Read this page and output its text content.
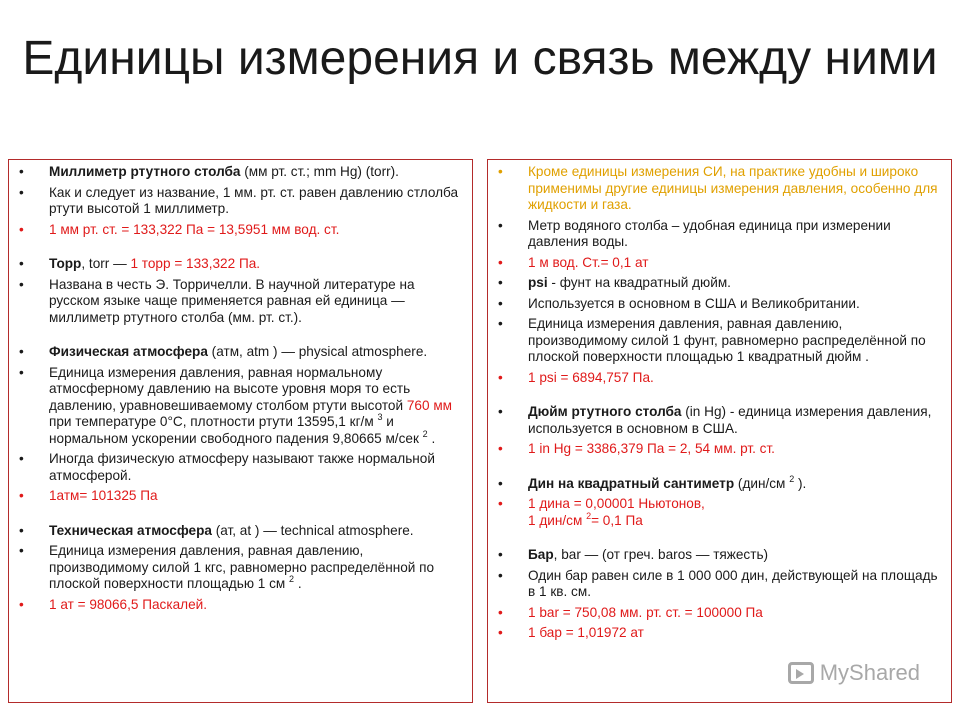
Единицы измерения и связь между ними
• Миллиметр ртутного столба (мм рт. ст.; mm Hg) (torr).
• Как и следует из название, 1 мм. рт. ст. равен давлению стлолба ртути высотой 1 миллиметр.
• 1 мм рт. ст. = 133,322 Па = 13,5951 мм вод. ст.
• Торр, torr — 1 торр = 133,322 Па.
• Названа в честь Э. Торричелли. В научной литературе на русском языке чаще применяется равная ей единица — миллиметр ртутного столба (мм. рт. ст.).
• Физическая атмосфера (атм, atm ) — physical atmosphere.
• Единица измерения давления, равная нормальному атмосферному давлению на высоте уровня моря то есть давлению, уравновешиваемому столбом ртути высотой 760 мм при температуре 0°С, плотности ртути 13595,1 кг/м $^3$ и нормальном ускорении свободного падения 9,80665 м/сек $^2$ .
• Иногда физическую атмосферу называют также нормальной атмосферой.
• 1атм= 101325 Па
• Техническая атмосфера (ат, at ) — technical atmosphere.
• Единица измерения давления, равная давлению, производимому силой 1 кгс, равномерно распределённой по плоской поверхности площадью 1 см $^2$ .
• 1 ат = 98066,5 Паскалей.
• Кроме единицы измерения СИ, на практике удобны и широко применимы другие единицы измерения давления, особенно для жидкости и газа.
• Метр водяного столба – удобная единица при измерении давления воды.
• 1 м вод. Ст.= 0,1 ат
• psi - фунт на квадратный дюйм.
• Используется в основном в США и Великобритании.
• Единица измерения давления, равная давлению, производимому силой 1 фунт, равномерно распределённой по плоской поверхности площадью 1 квадратный дюйм .
• 1 psi = 6894,757 Па.
• Дюйм ртутного столба (in Hg) - единица измерения давления, используется в основном в США.
• 1 in Hg = 3386,379 Па = 2, 54 мм. рт. ст.
• Дин на квадратный сантиметр (дин/см $^2$ ).
• 1 дина = 0,00001 Ньютонов,
1 дин/см $^2$= 0,1 Па
• Бар, bar — (от греч. baros — тяжесть)
• Один бар равен силе в 1 000 000 дин, действующей на площадь в 1 кв. см.
• 1 bar = 750,08 мм. рт. ст. = 100000 Па
• 1 бар = 1,01972 ат
MyShared
